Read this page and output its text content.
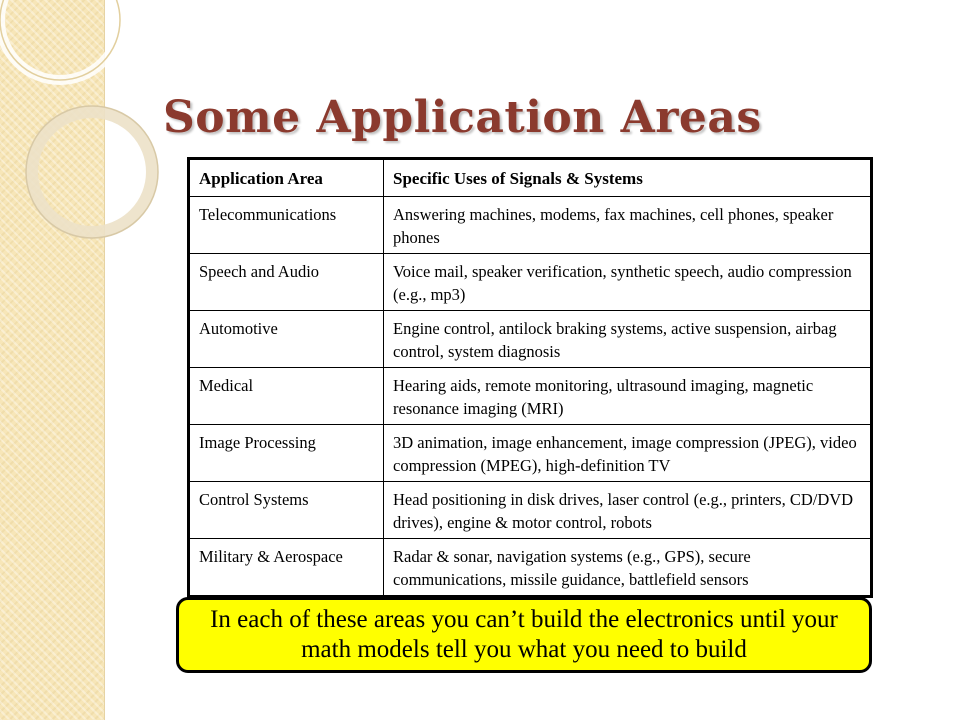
Some Application Areas
Application Area	Specific Uses of Signals & Systems
Telecommunications	Answering machines, modems, fax machines, cell phones, speaker phones
Speech and Audio	Voice mail, speaker verification, synthetic speech, audio compression (e.g., mp3)
Automotive	Engine control, antilock braking systems, active suspension, airbag control, system diagnosis
Medical	Hearing aids, remote monitoring, ultrasound imaging, magnetic resonance imaging (MRI)
Image Processing	3D animation, image enhancement, image compression (JPEG), video compression (MPEG), high-definition TV
Control Systems	Head positioning in disk drives, laser control (e.g., printers, CD/DVD drives), engine & motor control, robots
Military & Aerospace	Radar & sonar, navigation systems (e.g., GPS), secure communications, missile guidance, battlefield sensors
In each of these areas you can’t build the electronics until your math models tell you what you need to build
